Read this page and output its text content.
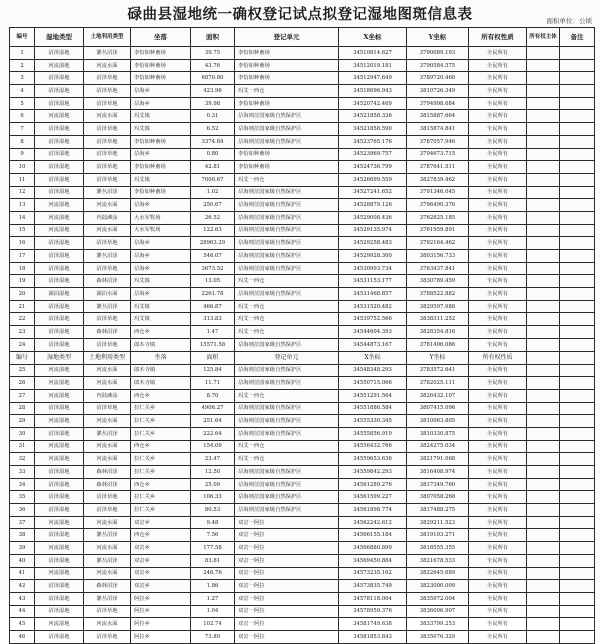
碌曲县湿地统一确权登记试点拟登记湿地图斑信息表	面积单位：公顷
编号	湿地类型	土地利用类型	坐落	面积	登记单元	X坐标	Y坐标	所有权性质	所有权主体	备注
1	沼泽湿地	灌丛沼泽	李恰如种畜场	39.75	李恰如种畜场	34510814.627	3790089.193	全民所有		
2	河流湿地	河流水面	李恰如种畜场	43.76	李恰如种畜场	34512019.181	3790584.575	全民所有		
3	沼泽湿地	沼泽草地	李恰如种畜场	6870.80	李恰如种畜场	34512947.649	3789720.468	全民所有		
4	沼泽湿地	沼泽草地	尕海乡	423.96	玛艾一西仓	34518696.943	3810726.349	全民所有		
5	沼泽湿地	沼泽草地	尕海乡	39.98	李恰如种畜场	34520742.469	3794998.684	全民所有		
6	河流湿地	河流水面	玛艾镇	0.31	尕海则岔国家级自然保护区	34521858.336	3815887.664	全民所有		
7	沼泽湿地	沼泽草地	玛艾镇	6.52	尕海则岔国家级自然保护区	34521858.590	3815874.841	全民所有		
8	沼泽湿地	沼泽草地	李恰如种畜场	3374.84	尕海则岔国家级自然保护区	34523765.176	3787057.946	全民所有		
9	沼泽湿地	沼泽草地	尕海乡	0.80	李恰如种畜场	34523969.757	3794673.715	全民所有		
10	沼泽湿地	沼泽草地	李恰如种畜场	42.81	李恰如种畜场	34524736.799	3787641.511	全民所有		
11	沼泽湿地	沼泽草地	玛艾镇	7000.67	玛艾一西仓	34526699.559	3827839.462	全民所有		
12	沼泽湿地	灌丛沼泽	李恰如种畜场	1.02	尕海则岔国家级自然保护区	34527241.652	3791346.045	全民所有		
13	河流湿地	河流水面	尕海乡	250.67	尕海则岔国家级自然保护区	34528879.126	3796490.376	全民所有		
14	河流湿地	内陆滩涂	大水军牧场	26.52	尕海则岔国家级自然保护区	34529008.436	3762825.185	全民所有		
15	河流湿地	河流水面	大水军牧场	122.63	尕海则岔国家级自然保护区	34529135.974	3761959.891	全民所有		
16	沼泽湿地	沼泽草地	尕海乡	28963.29	尕海则岔国家级自然保护区	34529258.483	3792164.462	全民所有		
17	沼泽湿地	灌丛沼泽	尕海乡	546.07	尕海则岔国家级自然保护区	34529928.300	3803156.733	全民所有		
18	沼泽湿地	沼泽草地	尕海乡	3673.52	尕海则岔国家级自然保护区	34530993.734	3763437.841	全民所有		
19	沼泽湿地	森林沼泽	玛艾镇	13.05	玛艾一西仓	34531153.177	3830789.459	全民所有		
20	湖泊湿地	湖泊水面	尕海乡	2261.78	尕海则岔国家级自然保护区	34531468.857	3788522.882	全民所有		
21	沼泽湿地	灌丛沼泽	玛艾镇	466.87	玛艾一西仓	34531520.482	3829597.988	全民所有		
22	沼泽湿地	沼泽草地	玛艾镇	313.83	玛艾一西仓	34539752.566	3838311.252	全民所有		
23	沼泽湿地	森林沼泽	西仓乡	1.47	玛艾一西仓	34544604.393	3828354.816	全民所有		
24	沼泽湿地	沼泽草地	郎木寺镇	15571.58	尕海则岔国家级自然保护区	34544873.167	3781406.086	全民所有		
编号	湿地类型	土地利用类型	坐落	面积	登记单元	X坐标	Y坐标	所有权性质		
25	河流湿地	河流水面	郎木寺镇	125.84	尕海则岔国家级自然保护区	34548348.293	3783572.641	全民所有		
26	河流湿地	河流水面	郎木寺镇	11.71	尕海则岔国家级自然保护区	34550715.066	3782025.111	全民所有		
27	河流湿地	内陆滩涂	西仓乡	8.70	玛艾一西仓	34551291.564	3826432.107	全民所有		
28	沼泽湿地	沼泽草地	拉仁关乡	4906.27	尕海则岔国家级自然保护区	34551886.584	3807415.096	全民所有		
29	河流湿地	河流水面	拉仁关乡	251.64	尕海则岔国家级自然保护区	34555330.345	3810063.805	全民所有		
30	沼泽湿地	灌丛沼泽	拉仁关乡	222.64	尕海则岔国家级自然保护区	34555856.919	3810330.875	全民所有		
31	河流湿地	河流水面	西仓乡	154.09	玛艾一西仓	34556432.766	3824275.034	全民所有		
32	河流湿地	河流水面	拉仁关乡	23.47	玛艾一西仓	34559653.636	3821791.068	全民所有		
33	沼泽湿地	森林沼泽	拉仁关乡	12.50	尕海则岔国家级自然保护区	34559842.293	3816408.974	全民所有		
34	沼泽湿地	森林沼泽	西仓乡	25.09	尕海则岔国家级自然保护区	34561289.276	3817349.760	全民所有		
35	沼泽湿地	沼泽草地	拉仁关乡	106.33	尕海则岔国家级自然保护区	34561599.227	3807058.268	全民所有		
36	沼泽湿地	沼泽草地	拉仁关乡	80.53	尕海则岔国家级自然保护区	34561898.774	3817488.275	全民所有		
37	河流湿地	河流水面	双岔乡	9.48	双岔一阿拉	34562242.612	3829211.523	全民所有		
38	沼泽湿地	灌丛沼泽	西仓乡	7.56	双岔一阿拉	34566155.184	3819103.271	全民所有		
39	河流湿地	河流水面	双岔乡	177.58	双岔一阿拉	34566880.899	3818555.355	全民所有		
40	沼泽湿地	灌丛沼泽	双岔乡	83.81	双岔一阿拉	34569450.884	3821678.533	全民所有		
41	河流湿地	河流水面	双岔乡	246.76	双岔一阿拉	34573235.162	3822645.689	全民所有		
42	沼泽湿地	森林沼泽	双岔乡	1.86	双岔一阿拉	34573835.749	3823000.009	全民所有		
43	沼泽湿地	灌丛沼泽	阿拉乡	1.27	双岔一阿拉	34578118.004	3835972.004	全民所有		
44	沼泽湿地	沼泽草地	阿拉乡	1.04	双岔一阿拉	34578959.376	3836006.907	全民所有		
45	河流湿地	河流水面	阿拉乡	102.74	双岔一阿拉	34581749.638	3833799.253	全民所有		
46	沼泽湿地	沼泽草地	阿拉乡	73.89	双岔一阿拉	34581853.843	3835076.329	全民所有		
